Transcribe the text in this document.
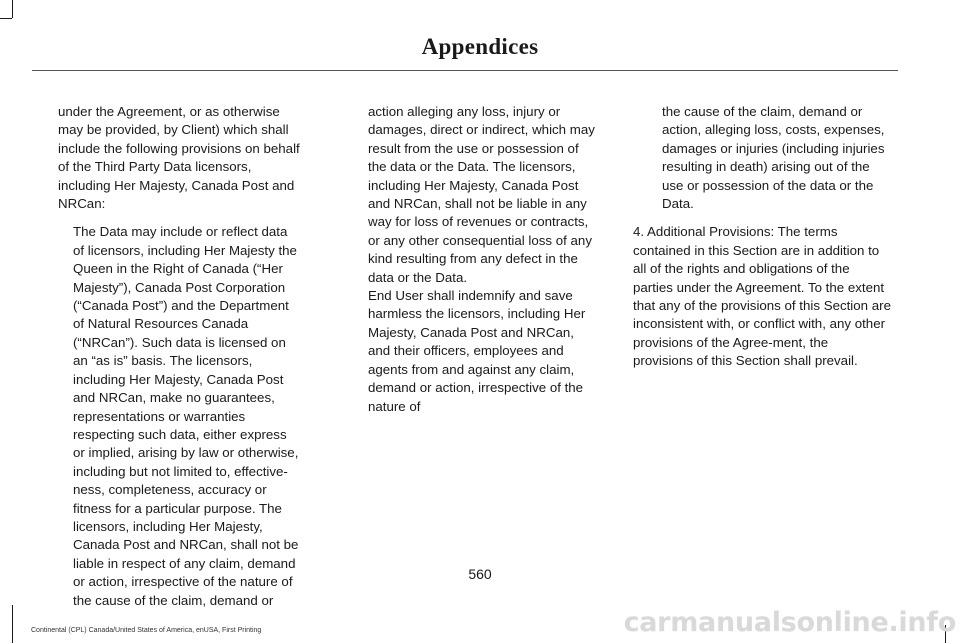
Appendices

under the Agreement, or as otherwise may be provided, by Client) which shall include the following provisions on behalf of the Third Party Data licensors, including Her Majesty, Canada Post and NRCan:

The Data may include or reflect data of licensors, including Her Majesty the Queen in the Right of Canada (“Her Majesty”), Canada Post Corporation (“Canada Post”) and the Department of Natural Resources Canada (“NRCan”). Such data is licensed on an “as is” basis. The licensors, including Her Majesty, Canada Post and NRCan, make no guarantees, representations or warranties respecting such data, either express or implied, arising by law or otherwise, including but not limited to, effective-ness, completeness, accuracy or fitness for a particular purpose. The licensors, including Her Majesty, Canada Post and NRCan, shall not be liable in respect of any claim, demand or action, irrespective of the nature of the cause of the claim, demand or

action alleging any loss, injury or damages, direct or indirect, which may result from the use or possession of the data or the Data. The licensors, including Her Majesty, Canada Post and NRCan, shall not be liable in any way for loss of revenues or contracts, or any other consequential loss of any kind resulting from any defect in the data or the Data.

End User shall indemnify and save harmless the licensors, including Her Majesty, Canada Post and NRCan, and their officers, employees and agents from and against any claim, demand or action, irrespective of the nature of

the cause of the claim, demand or action, alleging loss, costs, expenses, damages or injuries (including injuries resulting in death) arising out of the use or possession of the data or the Data.

4. Additional Provisions: The terms contained in this Section are in addition to all of the rights and obligations of the parties under the Agreement. To the extent that any of the provisions of this Section are inconsistent with, or conflict with, any other provisions of the Agree-ment, the provisions of this Section shall prevail.

560
Continental (CPL) Canada/United States of America, enUSA, First Printing	carmanualsonline.info
